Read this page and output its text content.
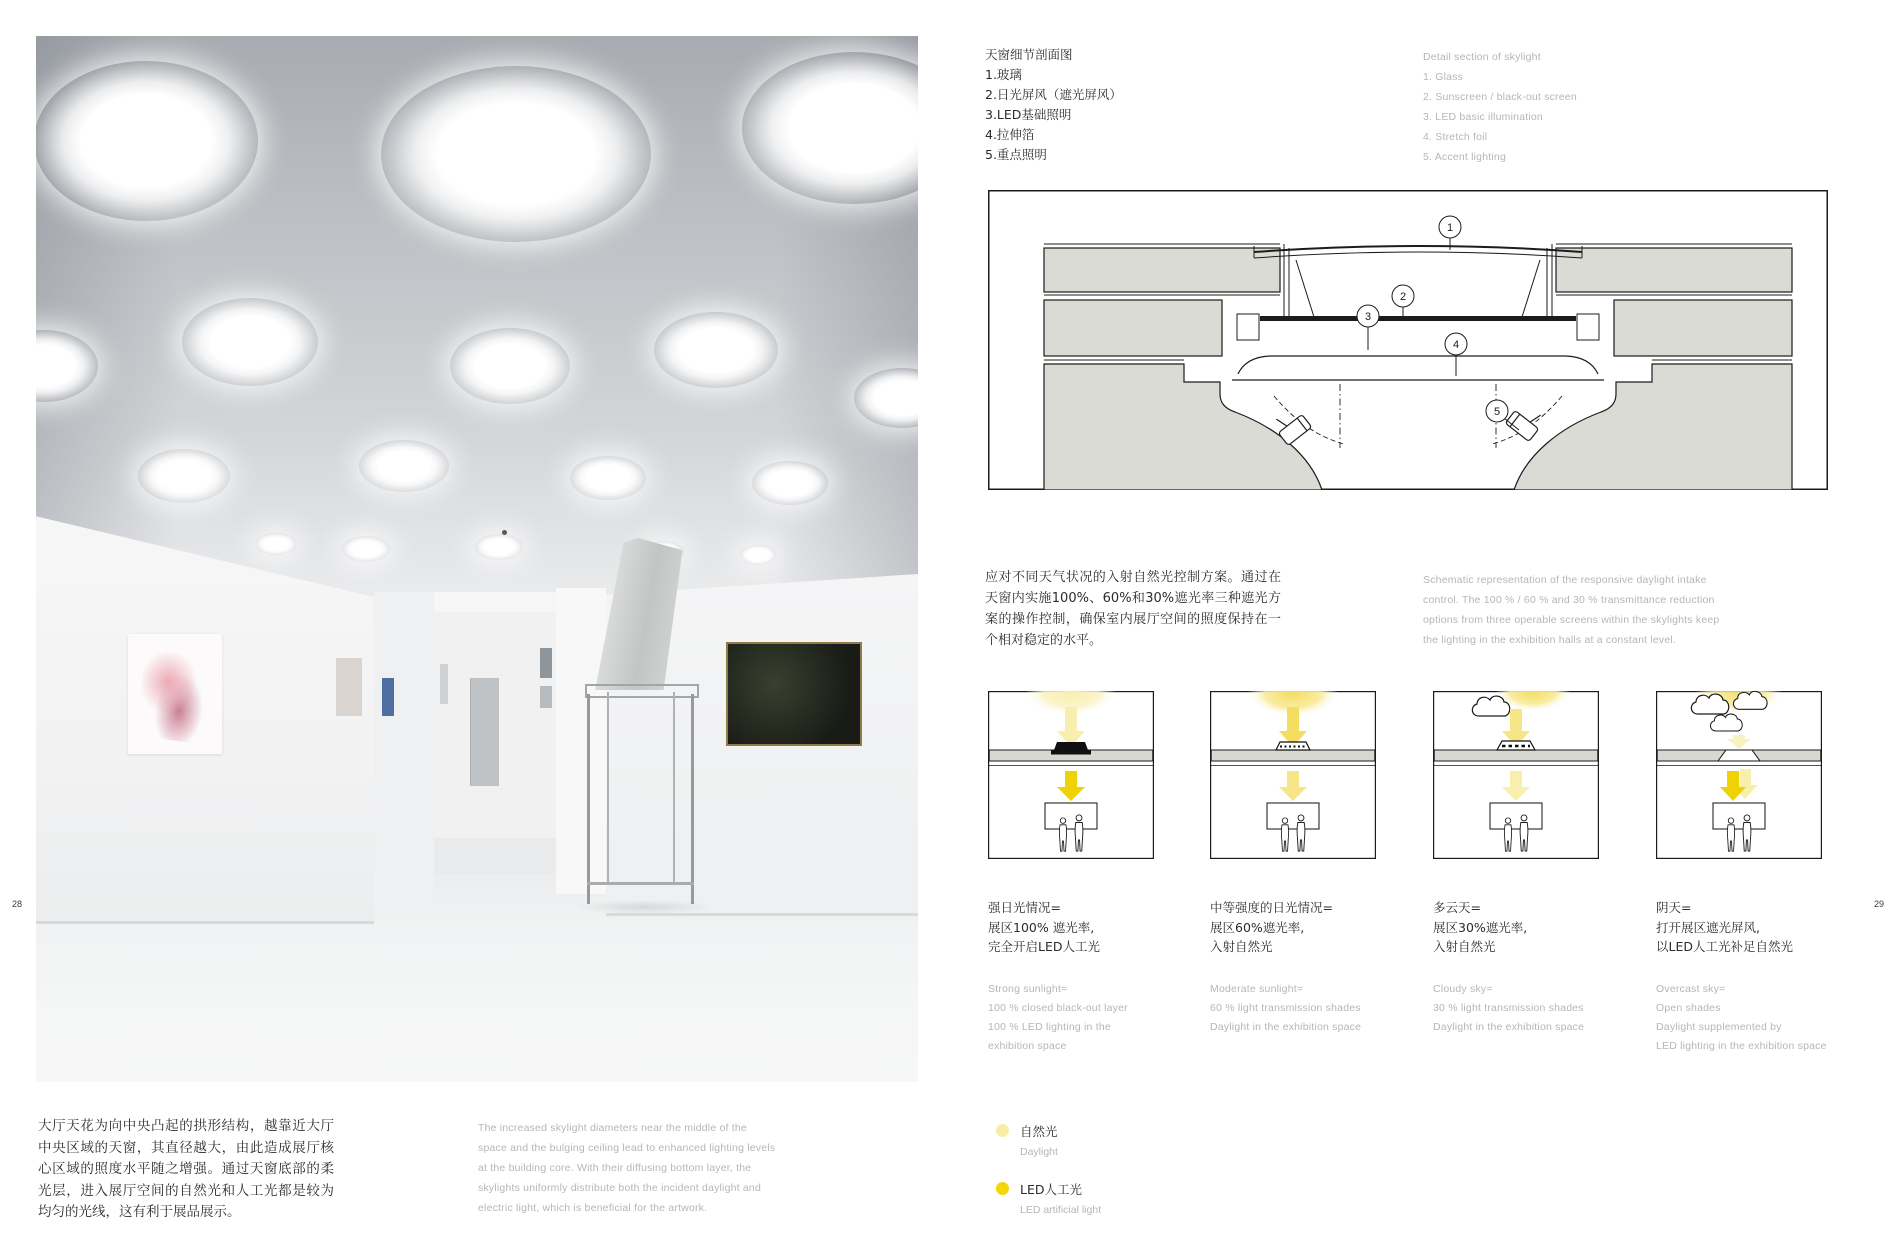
28	29
天窗细节剖面图
1.玻璃
2.日光屏风（遮光屏风）
3.LED基础照明
4.拉伸箔
5.重点照明
Detail section of skylight
1. Glass
2. Sunscreen / black-out screen
3. LED basic illumination
4. Stretch foil
5. Accent lighting
1
2
3
4
5
应对不同天气状况的入射自然光控制方案。通过在天窗内实施100%、60%和30%遮光率三种遮光方案的操作控制，确保室内展厅空间的照度保持在一个相对稳定的水平。
Schematic representation of the responsive daylight intake control. The 100 % / 60 % and 30 % transmittance reduction options from three operable screens within the skylights keep the lighting in the exhibition halls at a constant level.
强日光情况=
展区100% 遮光率,
完全开启LED人工光
Strong sunlight=
100 % closed black-out layer
100 % LED lighting in the
exhibition space
中等强度的日光情况=
展区60%遮光率,
入射自然光
Moderate sunlight=
60 % light transmission shades
Daylight in the exhibition space
多云天=
展区30%遮光率,
入射自然光
Cloudy sky=
30 % light transmission shades
Daylight in the exhibition space
阴天=
打开展区遮光屏风,
以LED人工光补足自然光
Overcast sky=
Open shades
Daylight supplemented by
LED lighting in the exhibition space
自然光
Daylight
LED人工光
LED artificial light
大厅天花为向中央凸起的拱形结构，越靠近大厅中央区域的天窗，其直径越大，由此造成展厅核心区域的照度水平随之增强。通过天窗底部的柔光层，进入展厅空间的自然光和人工光都是较为均匀的光线，这有利于展品展示。
The increased skylight diameters near the middle of the space and the bulging ceiling lead to enhanced lighting levels at the building core. With their diffusing bottom layer, the skylights uniformly distribute both the incident daylight and electric light, which is beneficial for the artwork.
